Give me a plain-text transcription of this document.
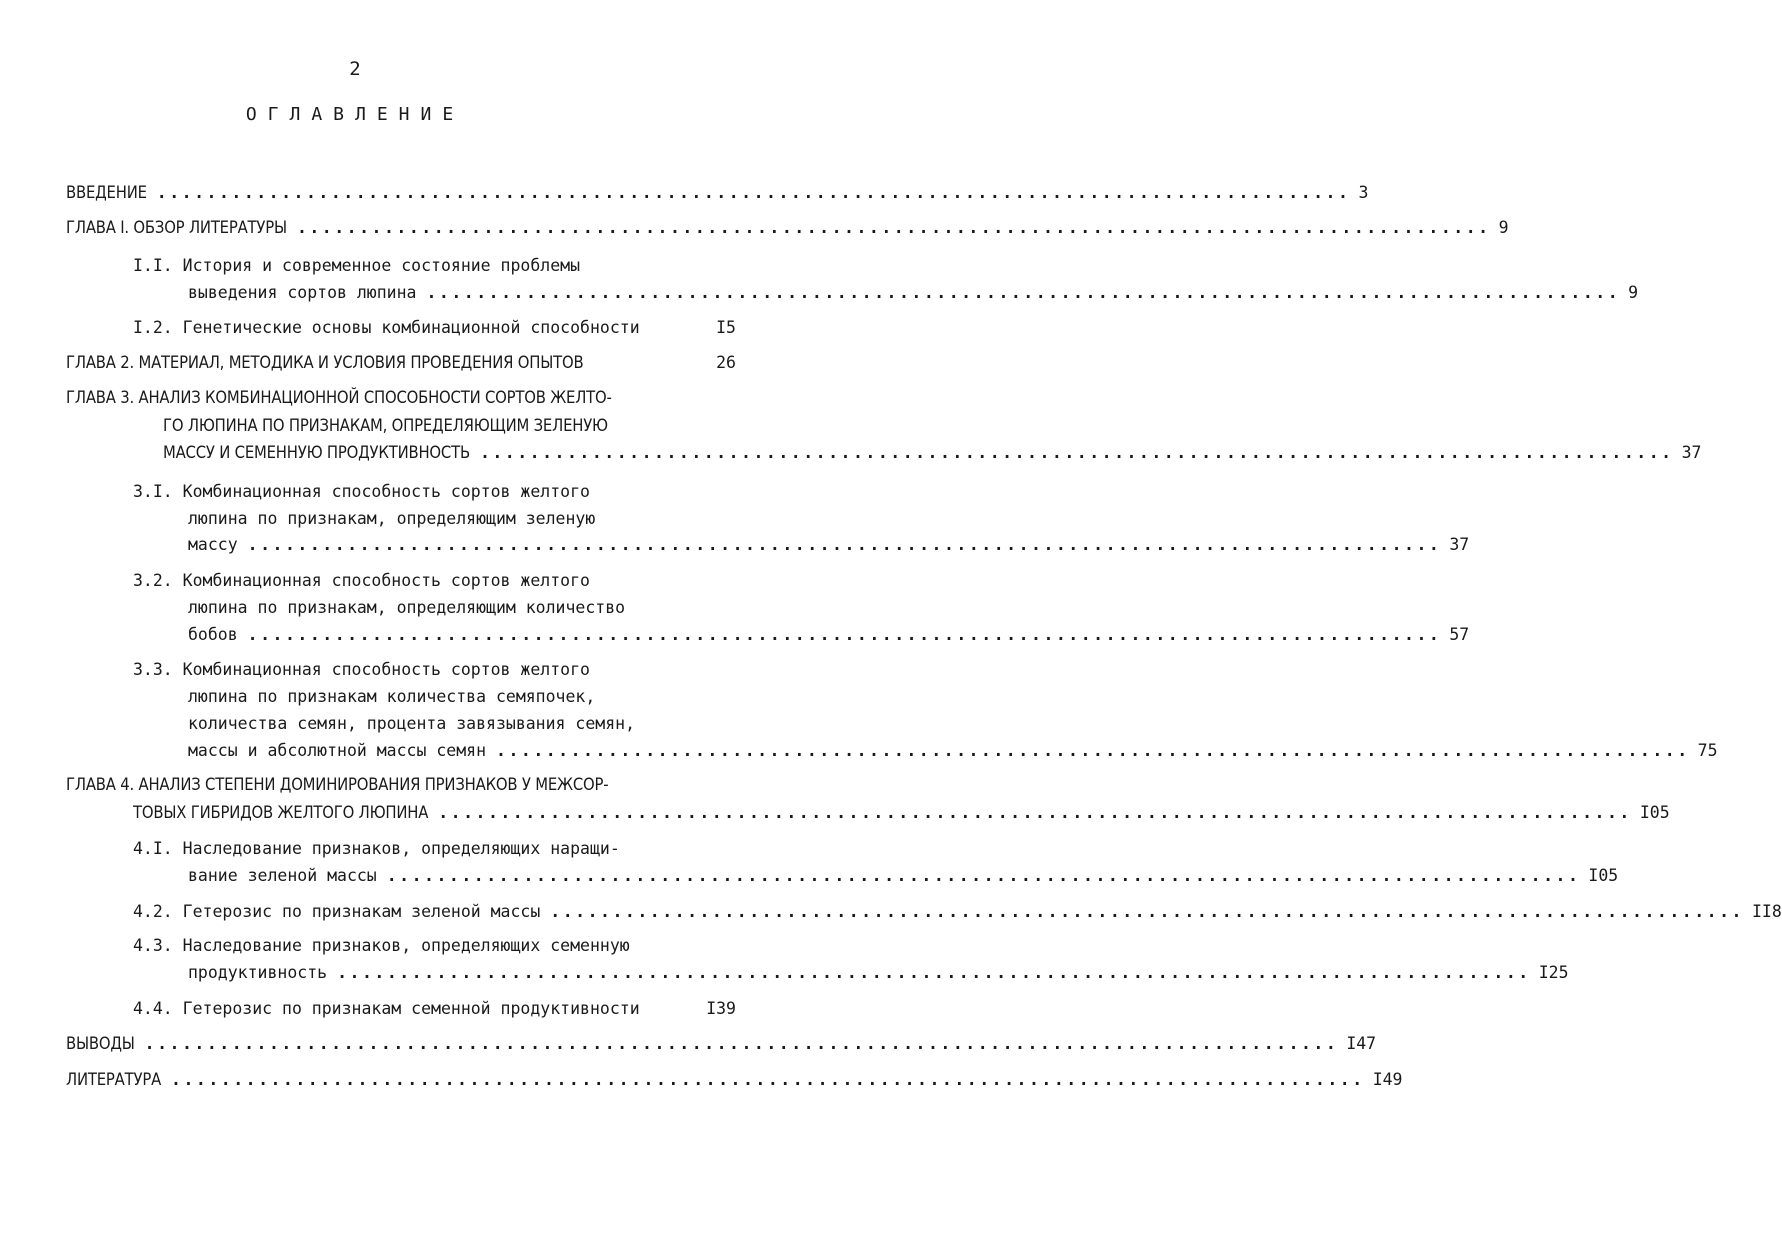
2
ОГЛАВЛЕНИЕ
ВВЕДЕНИЕ ................................................................................................ 3
ГЛАВА I. ОБЗОР ЛИТЕРАТУРЫ ................................................................................................ 9
I.I. История и современное состояние проблемы
выведения сортов люпина ................................................................................................ 9
I.2. Генетические основы комбинационной способности	I5
ГЛАВА 2. МАТЕРИАЛ, МЕТОДИКА И УСЛОВИЯ ПРОВЕДЕНИЯ ОПЫТОВ	26
ГЛАВА 3. АНАЛИЗ КОМБИНАЦИОННОЙ СПОСОБНОСТИ СОРТОВ ЖЕЛТО-
ГО ЛЮПИНА ПО ПРИЗНАКАМ, ОПРЕДЕЛЯЮЩИМ ЗЕЛЕНУЮ
МАССУ И СЕМЕННУЮ ПРОДУКТИВНОСТЬ ................................................................................................ 37
3.I. Комбинационная способность сортов желтого
люпина по признакам, определяющим зеленую
массу ................................................................................................ 37
3.2. Комбинационная способность сортов желтого
люпина по признакам, определяющим количество
бобов ................................................................................................ 57
3.3. Комбинационная способность сортов желтого
люпина по признакам количества семяпочек,
количества семян, процента завязывания семян,
массы и абсолютной массы семян ................................................................................................ 75
ГЛАВА 4. АНАЛИЗ СТЕПЕНИ ДОМИНИРОВАНИЯ ПРИЗНАКОВ У МЕЖСОР-
ТОВЫХ ГИБРИДОВ ЖЕЛТОГО ЛЮПИНА ................................................................................................ I05
4.I. Наследование признаков, определяющих наращи-
вание зеленой массы ................................................................................................ I05
4.2. Гетерозис по признакам зеленой массы ................................................................................................ II8
4.3. Наследование признаков, определяющих семенную
продуктивность ................................................................................................ I25
4.4. Гетерозис по признакам семенной продуктивности	I39
ВЫВОДЫ ................................................................................................ I47
ЛИТЕРАТУРА ................................................................................................ I49
